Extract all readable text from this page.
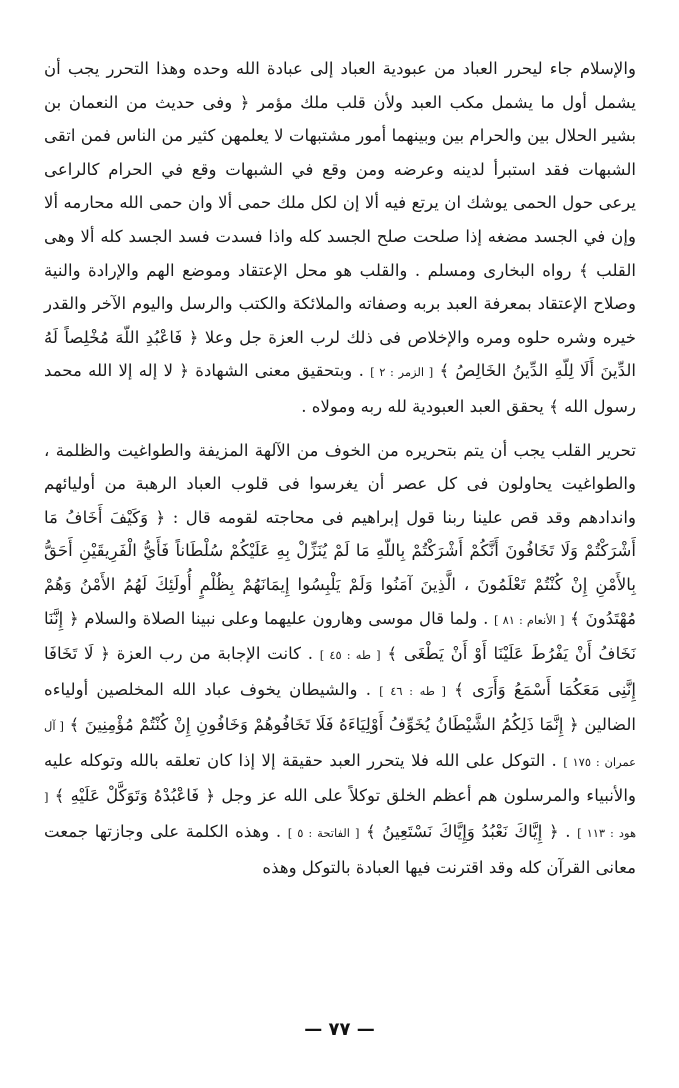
والإسلام جاء ليحرر العباد من عبودية العباد إلى عبادة الله وحده وهذا التحرر يجب أن يشمل أول ما يشمل مكب العبد ولأن قلب ملك مؤمر ﴿ وفى حديث من النعمان بن بشير الحلال بين والحرام بين وبينهما أمور مشتبهات لا يعلمهن كثير من الناس فمن اتقى الشبهات فقد استبرأ لدينه وعرضه ومن وقع في الشبهات وقع في الحرام كالراعى يرعى حول الحمى يوشك ان يرتع فيه ألا إن لكل ملك حمى ألا وان حمى الله محارمه ألا وإن في الجسد مضغه إذا صلحت صلح الجسد كله واذا فسدت فسد الجسد كله ألا وهى القلب ﴾ رواه البخارى ومسلم . والقلب هو محل الإعتقاد وموضع الهم والإرادة والنية وصلاح الإعتقاد بمعرفة العبد بربه وصفاته والملائكة والكتب والرسل واليوم الآخر والقدر خيره وشره حلوه ومره والإخلاص فى ذلك لرب العزة جل وعلا ﴿ فَاعْبُدِ اللّهَ مُخْلِصاً لَهُ الدِّينَ أَلَا لِلّهِ الدِّينُ الخَالِصُ ﴾ [ الزمر : ٢ ] . وبتحقيق معنى الشهادة ﴿ لا إله إلا الله محمد رسول الله ﴾ يحقق العبد العبودية لله ربه ومولاه .

تحرير القلب يجب أن يتم بتحريره من الخوف من الآلهة المزيفة والطواغيت والظلمة ، والطواغيت يحاولون فى كل عصر أن يغرسوا فى قلوب العباد الرهبة من أوليائهم وانداده‍م وقد قص علينا ربنا قول إبراهيم فى محاجته لقومه قال : ﴿ وَكَيْفَ أَخَافُ مَا أَشْرَكْتُمْ وَلَا تَخَافُونَ أَنَّكُمْ أَشْرَكْتُمْ بِاللّهِ مَا لَمْ يُنَزِّلْ بِهِ عَلَيْكُمْ سُلْطَاناً فَأَيُّ الْفَرِيقَيْنِ أَحَقُّ بِالأَمْنِ إِنْ كُنْتُمْ تَعْلَمُونَ ، الَّذِينَ آمَنُوا وَلَمْ يَلْبِسُوا إِيمَانَهُمْ بِظُلْمٍ أُولَئِكَ لَهُمُ الأَمْنُ وَهُمْ مُهْتَدُونَ ﴾ [ الأنعام : ٨١ ] . ولما قال موسى وهارون عليهما وعلى نبينا الصلاة والسلام ﴿ إِنَّنَا نَخَافُ أَنْ يَفْرُطَ عَلَيْنَا أَوْ أَنْ يَطْغَى ﴾ [ طه : ٤٥ ] . كانت الإجابة من رب العزة ﴿ لَا تَخَافَا إِنَّنِى مَعَكُمَا أَسْمَعُ وَأَرَى ﴾ [ طه : ٤٦ ] . والشيطان يخوف عباد الله المخلصين أولياءه الضالين ﴿ إِنَّمَا ذَلِكُمُ الشَّيْطَانُ يُخَوِّفُ أَوْلِيَاءَهُ فَلَا تَخَافُوهُمْ وَخَافُونِ إِنْ كُنْتُمْ مُؤْمِنِينَ ﴾ [ آل عمران : ١٧٥ ] . التوكل على الله فلا يتحرر العبد حقيقة إلا إذا كان تعلقه بالله وتوكله عليه والأنبياء والمرسلون هم أعظم الخلق توكلاً على الله عز وجل ﴿ فَاعْبُدْهُ وَتَوَكَّلْ عَلَيْهِ ﴾ [ هود : ١١٣ ] . ﴿ إِيَّاكَ نَعْبُدُ وَإِيَّاكَ نَسْتَعِينُ ﴾ [ الفاتحة : ٥ ] . وهذه الكلمة على وجازتها جمعت معانى القرآن كله وقد اقترنت فيها العبادة بالتوكل وهذه

— ٧٧ —
